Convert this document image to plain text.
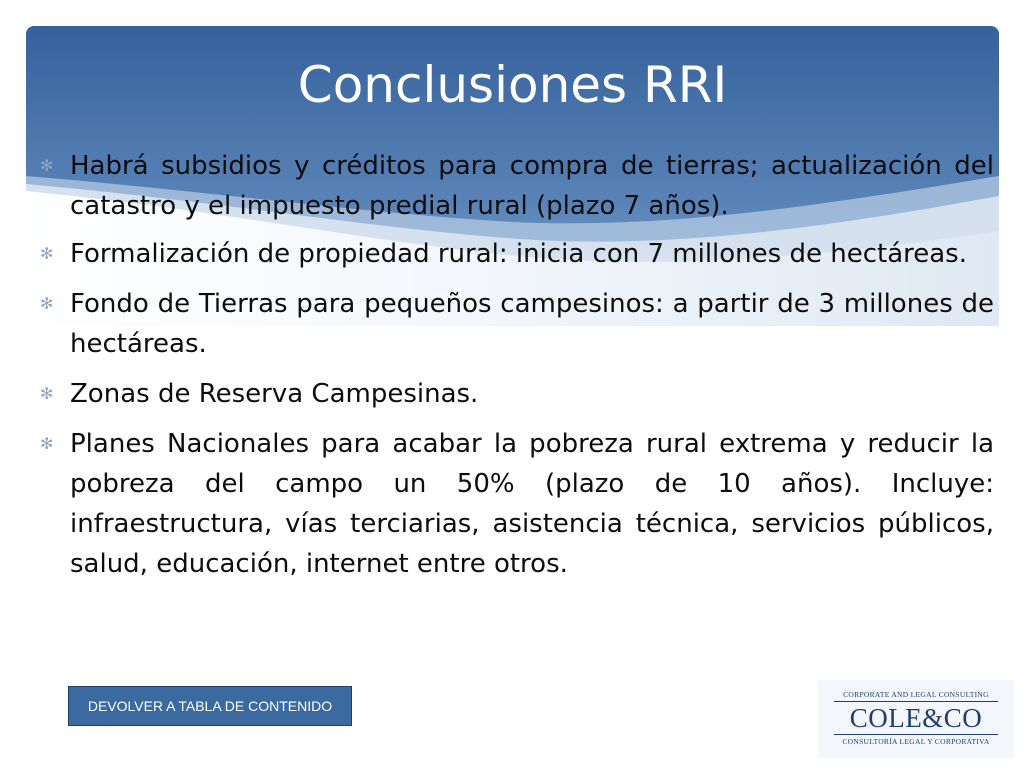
Conclusiones RRI
✻ Habrá subsidios y créditos para compra de tierras; actualización del catastro y el impuesto predial rural (plazo 7 años).
✻ Formalización de propiedad rural: inicia con 7 millones de hectáreas.
✻ Fondo de Tierras para pequeños campesinos: a partir de 3 millones de hectáreas.
✻ Zonas de Reserva Campesinas.
✻ Planes Nacionales para acabar la pobreza rural extrema y reducir la pobreza del campo un 50% (plazo de 10 años). Incluye: infraestructura, vías terciarias, asistencia técnica, servicios públicos, salud, educación, internet entre otros.
DEVOLVER A TABLA DE CONTENIDO
CORPORATE AND LEGAL CONSULTING
COLE&CO
CONSULTORÍA LEGAL Y CORPORATIVA
